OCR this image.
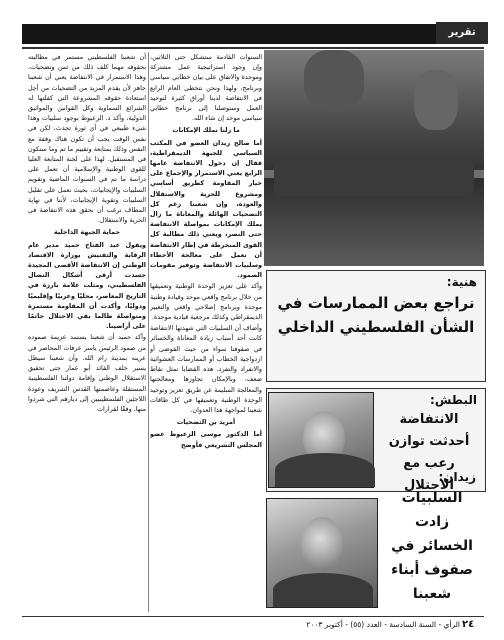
تقرير

أن شعبنا الفلسطيني مستمر في مطالبته بحقوقه مهما كلف ذلك من ثمن وتضحيات، وهذا الاستمرار في الانتفاضة يعني أن شعبنا جاهز لأن يقدم المزيد من التضحيات من أجل استعادة حقوقه المشروعة التي كفلتها له الشرائع السماوية وكل القوانين والمواثيق الدولية، وأكد د. الزعبوط بوجود سلبيات وهذا شيء طبيعي في أي ثورة تحدث، لكن في نفس الوقت يجب أن تكون هناك وقفة مع النفس وذلك بمتابعة وتقييم ما تم وما سنكون في المستقبل. لهذا على لجنة المتابعة العليا للقوى الوطنية والإسلامية أن تعمل على دراسة ما تم في السنوات الماضية وتقويم السلبيات والإيجابيات، بحيث نعمل على تقليل السلبيات وتقوية الإيجابيات، لأننا في نهاية المطاف نرغب أن نحقق هذه الانتفاضة في الحرية والاستقلال.

حماية الجبهة الداخلية

ويقول عبد الفتاح حميد مدير عام الرقابة والتفتيش بوزارة الاقتصاد الوطني إن الانتفاضة الأقصى المجيدة جسدت أرقى أشكال النضال الفلسطيني، ومثلت علامة بارزة في التاريخ المعاصر، محليًا وعربيًا وإقليميًا ودوليًا، وأكدت أن المقاومة مستمرة ومتواصلة طالما بقي الاحتلال جاثمًا على أراضينا.

وأكد حميد أن شعبنا يستمد عزيمة صموده من صمود الرئيس ياسر عرفات المحاصر في عرينه بمدينة رام الله، وأن شعبنا سيظل يسير خلف القائد أبو عمار حتى تحقيق الاستقلال الوطني وإقامة دولتنا الفلسطينية المستقلة وعاصمتها القدس الشريف وعودة اللاجئين الفلسطينيين إلى ديارهم التي شردوا منها، وفقًا لقرارات

السنوات القادمة ستشكل حتى الثلاثين، وإن وجود استراتيجية عمل مشتركة وموحدة والاتفاق على بيان خطابي سياسي وبرنامج، ولهذا ونحن نتخطى العام الرابع في الانتفاضة لدينا أوراق كثيرة لتوحيد العمل وستوصلنا إلى برنامج خطابي سياسي موحد إن شاء الله.

ما زلنا نملك الإمكانات

أما صالح زيدان العضو في المكتب السياسي للجبهة الديمقراطية، فقال إن دخول الانتفاضة عامها الرابع يعني الاستمرار والإجماع على خيار المقاومة كطريق أساسي ومشروع للحرية والاستقلال والعودة، وإن شعبنا رغم كل التضحيات الهائلة والمعاناة ما زال يملك الإمكانات بمواصلة الانتفاضة حتى النصر، ويعني ذلك مطالبة كل القوى المنخرطة في إطار الانتفاضة أن تعمل على معالجة الأخطاء وسلبيات الانتفاضة وتوفير مقومات الصمود.

وأكد على تعزيز الوحدة الوطنية وتعميقها من خلال برنامج واقعي موحد وقيادة وطنية موحدة وبرنامج إصلاحي واقعي والتغيير الديمقراطي وكذلك مرجعية قيادية موحدة.

وأضاف أن السلبيات التي شهدتها الانتفاضة كانت أحد أسباب زيادة المعاناة والخسائر في صفوفنا سواء من حيث الفوضى أو ازدواجية الخطاب أو الممارسات العشوائية والانفراد والتفرد. هذه القضايا تمثل نقاط ضعف، وبالإمكان تجاوزها ومعالجتها والمعالجة السليمة عن طريق تعزيز وتوحيد الوحدة الوطنية وتعميقها في كل طاقات شعبنا لمواجهة هذا العدوان.

أمريد بن التضحيات

أما الدكتور موسى الزعبوط عضو المجلس التشريعي فأوضح

هنية:
نراجع بعض الممارسات في الشأن الفلسطيني الداخلي
البطش:
الانتفاضة أحدثت توازن رعب مع الاحتلال
زيدان:
السلبيات زادت الخسائر في صفوف أبناء شعبنا
الرأي - السنة السادسة - العدد (٥٥) - أكتوبر ٢٠٠٣ ٢٤
